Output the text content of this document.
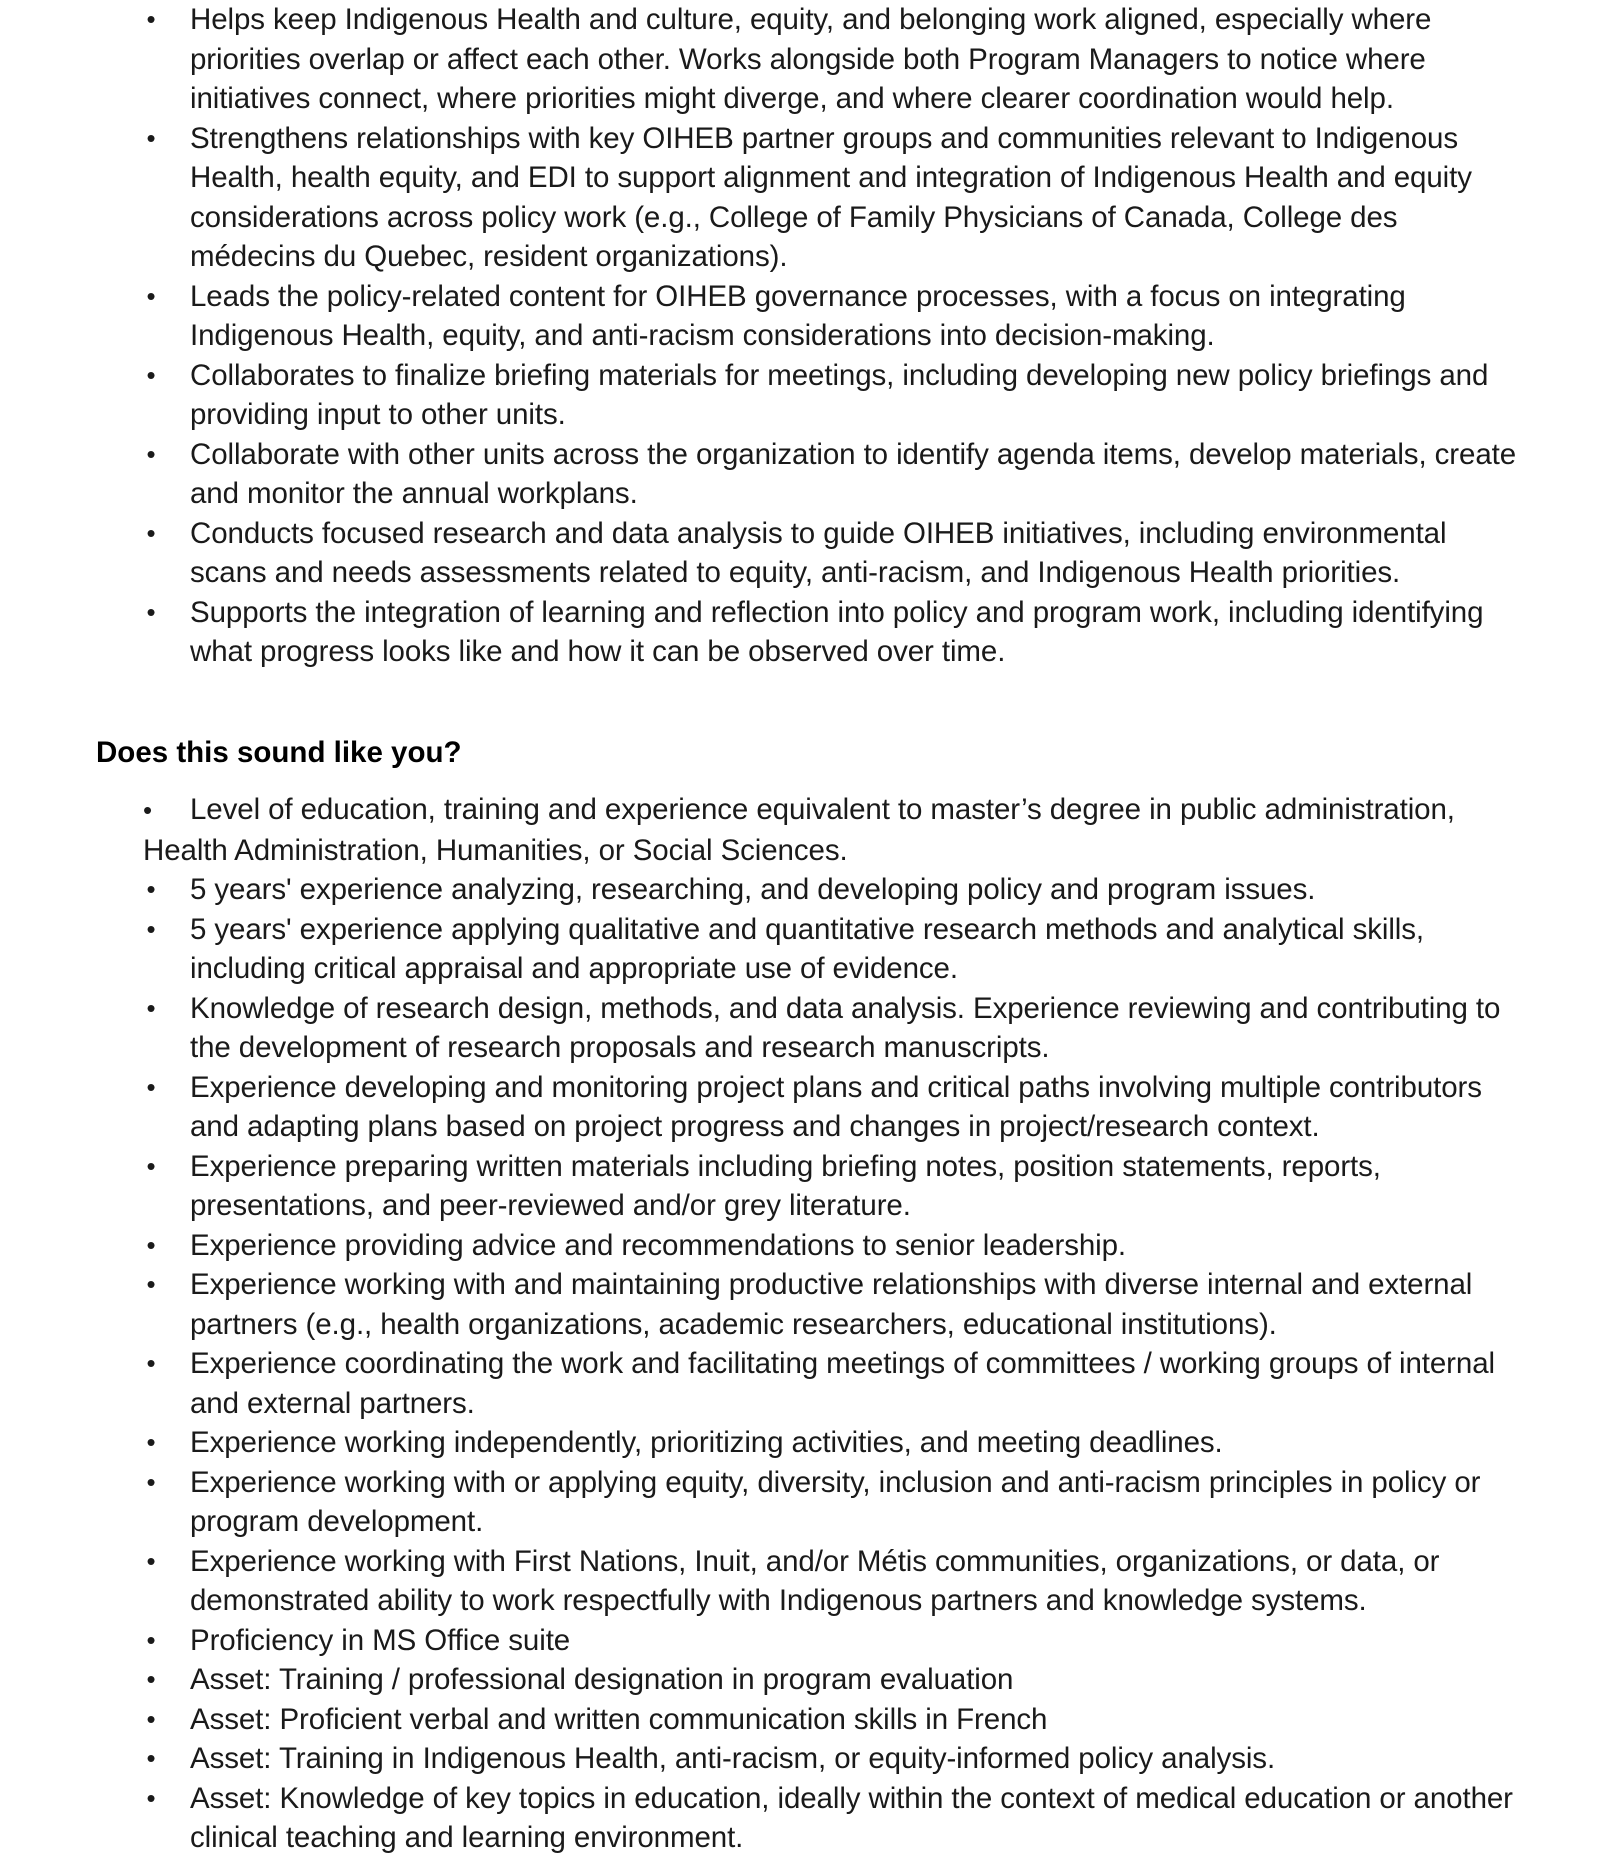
• Helps keep Indigenous Health and culture, equity, and belonging work aligned, especially where priorities overlap or affect each other. Works alongside both Program Managers to notice where initiatives connect, where priorities might diverge, and where clearer coordination would help.
• Strengthens relationships with key OIHEB partner groups and communities relevant to Indigenous Health, health equity, and EDI to support alignment and integration of Indigenous Health and equity considerations across policy work (e.g., College of Family Physicians of Canada, College des médecins du Quebec, resident organizations).
• Leads the policy-related content for OIHEB governance processes, with a focus on integrating Indigenous Health, equity, and anti-racism considerations into decision-making.
• Collaborates to finalize briefing materials for meetings, including developing new policy briefings and providing input to other units.
• Collaborate with other units across the organization to identify agenda items, develop materials, create and monitor the annual workplans.
• Conducts focused research and data analysis to guide OIHEB initiatives, including environmental scans and needs assessments related to equity, anti-racism, and Indigenous Health priorities.
• Supports the integration of learning and reflection into policy and program work, including identifying what progress looks like and how it can be observed over time.
Does this sound like you?
• Level of education, training and experience equivalent to master’s degree in public administration, Health Administration, Humanities, or Social Sciences.
• 5 years' experience analyzing, researching, and developing policy and program issues.
• 5 years' experience applying qualitative and quantitative research methods and analytical skills, including critical appraisal and appropriate use of evidence.
• Knowledge of research design, methods, and data analysis. Experience reviewing and contributing to the development of research proposals and research manuscripts.
• Experience developing and monitoring project plans and critical paths involving multiple contributors and adapting plans based on project progress and changes in project/research context.
• Experience preparing written materials including briefing notes, position statements, reports, presentations, and peer-reviewed and/or grey literature.
• Experience providing advice and recommendations to senior leadership.
• Experience working with and maintaining productive relationships with diverse internal and external partners (e.g., health organizations, academic researchers, educational institutions).
• Experience coordinating the work and facilitating meetings of committees / working groups of internal and external partners.
• Experience working independently, prioritizing activities, and meeting deadlines.
• Experience working with or applying equity, diversity, inclusion and anti-racism principles in policy or program development.
• Experience working with First Nations, Inuit, and/or Métis communities, organizations, or data, or demonstrated ability to work respectfully with Indigenous partners and knowledge systems.
• Proficiency in MS Office suite
• Asset: Training / professional designation in program evaluation
• Asset: Proficient verbal and written communication skills in French
• Asset: Training in Indigenous Health, anti-racism, or equity-informed policy analysis.
• Asset: Knowledge of key topics in education, ideally within the context of medical education or another clinical teaching and learning environment.
